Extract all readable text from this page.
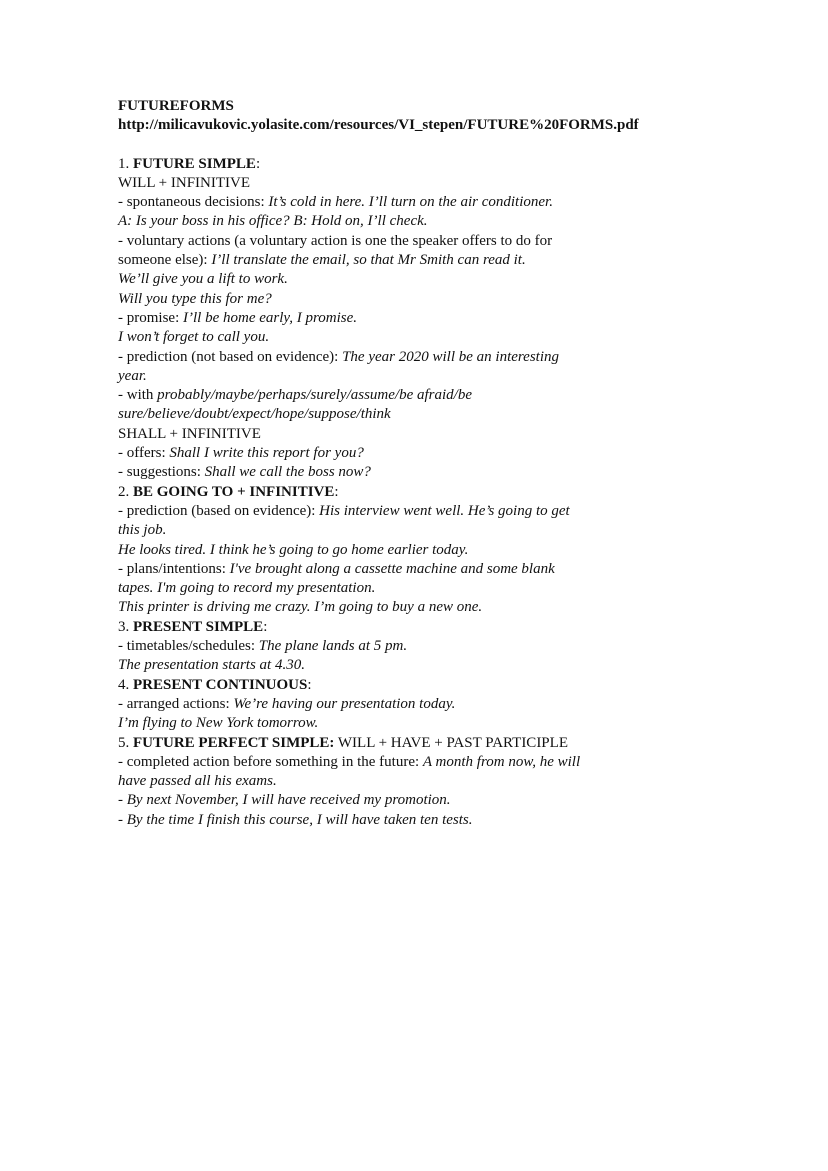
FUTUREFORMS

http://milicavukovic.yolasite.com/resources/VI_stepen/FUTURE%20FORMS.pdf

1. FUTURE SIMPLE:

WILL + INFINITIVE

- spontaneous decisions: It’s cold in here. I’ll turn on the air conditioner.

A: Is your boss in his office? B: Hold on, I’ll check.

- voluntary actions (a voluntary action is one the speaker offers to do for

someone else): I’ll translate the email, so that Mr Smith can read it.

We’ll give you a lift to work.

Will you type this for me?

- promise: I’ll be home early, I promise.

I won’t forget to call you.

- prediction (not based on evidence): The year 2020 will be an interesting

year.

- with probably/maybe/perhaps/surely/assume/be afraid/be

sure/believe/doubt/expect/hope/suppose/think

SHALL + INFINITIVE

- offers: Shall I write this report for you?

- suggestions: Shall we call the boss now?

2. BE GOING TO + INFINITIVE:

- prediction (based on evidence): His interview went well. He’s going to get

this job.

He looks tired. I think he’s going to go home earlier today.

- plans/intentions: I've brought along a cassette machine and some blank

tapes. I'm going to record my presentation.

This printer is driving me crazy. I’m going to buy a new one.

3. PRESENT SIMPLE:

- timetables/schedules: The plane lands at 5 pm.

The presentation starts at 4.30.

4. PRESENT CONTINUOUS:

- arranged actions: We’re having our presentation today.

I’m flying to New York tomorrow.

5. FUTURE PERFECT SIMPLE: WILL + HAVE + PAST PARTICIPLE

- completed action before something in the future: A month from now, he will

have passed all his exams.

- By next November, I will have received my promotion.

- By the time I finish this course, I will have taken ten tests.
